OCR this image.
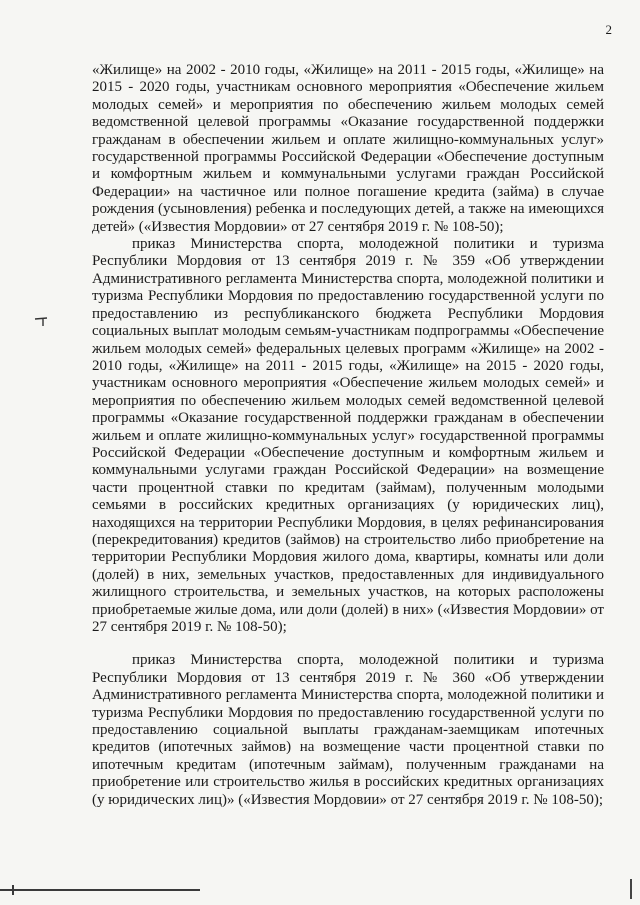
2

«Жилище» на 2002 - 2010 годы, «Жилище» на 2011 - 2015 годы, «Жилище» на 2015 - 2020 годы, участникам основного мероприятия «Обеспечение жильем молодых семей» и мероприятия по обеспечению жильем молодых семей ведомственной целевой программы «Оказание государственной поддержки гражданам в обеспечении жильем и оплате жилищно-коммунальных услуг» государственной программы Российской Федерации «Обеспечение доступным и комфортным жильем и коммунальными услугами граждан Российской Федерации» на частичное или полное погашение кредита (займа) в случае рождения (усыновления) ребенка и последующих детей, а также на имеющихся детей» («Известия Мордовии» от 27 сентября 2019 г. № 108-50);

приказ Министерства спорта, молодежной политики и туризма Республики Мордовия от 13 сентября 2019 г. № 359 «Об утверждении Административного регламента Министерства спорта, молодежной политики и туризма Республики Мордовия по предоставлению государственной услуги по предоставлению из республиканского бюджета Республики Мордовия социальных выплат молодым семьям-участникам подпрограммы «Обеспечение жильем молодых семей» федеральных целевых программ «Жилище» на 2002 - 2010 годы, «Жилище» на 2011 - 2015 годы, «Жилище» на 2015 - 2020 годы, участникам основного мероприятия «Обеспечение жильем молодых семей» и мероприятия по обеспечению жильем молодых семей ведомственной целевой программы «Оказание государственной поддержки гражданам в обеспечении жильем и оплате жилищно-коммунальных услуг» государственной программы Российской Федерации «Обеспечение доступным и комфортным жильем и коммунальными услугами граждан Российской Федерации» на возмещение части процентной ставки по кредитам (займам), полученным молодыми семьями в российских кредитных организациях (у юридических лиц), находящихся на территории Республики Мордовия, в целях рефинансирования (перекредитования) кредитов (займов) на строительство либо приобретение на территории Республики Мордовия жилого дома, квартиры, комнаты или доли (долей) в них, земельных участков, предоставленных для индивидуального жилищного строительства, и земельных участков, на которых расположены приобретаемые жилые дома, или доли (долей) в них» («Известия Мордовии» от 27 сентября 2019 г. № 108-50);

приказ Министерства спорта, молодежной политики и туризма Республики Мордовия от 13 сентября 2019 г. № 360 «Об утверждении Административного регламента Министерства спорта, молодежной политики и туризма Республики Мордовия по предоставлению государственной услуги по предоставлению социальной выплаты гражданам-заемщикам ипотечных кредитов (ипотечных займов) на возмещение части процентной ставки по ипотечным кредитам (ипотечным займам), полученным гражданами на приобретение или строительство жилья в российских кредитных организациях (у юридических лиц)» («Известия Мордовии» от 27 сентября 2019 г. № 108-50);
